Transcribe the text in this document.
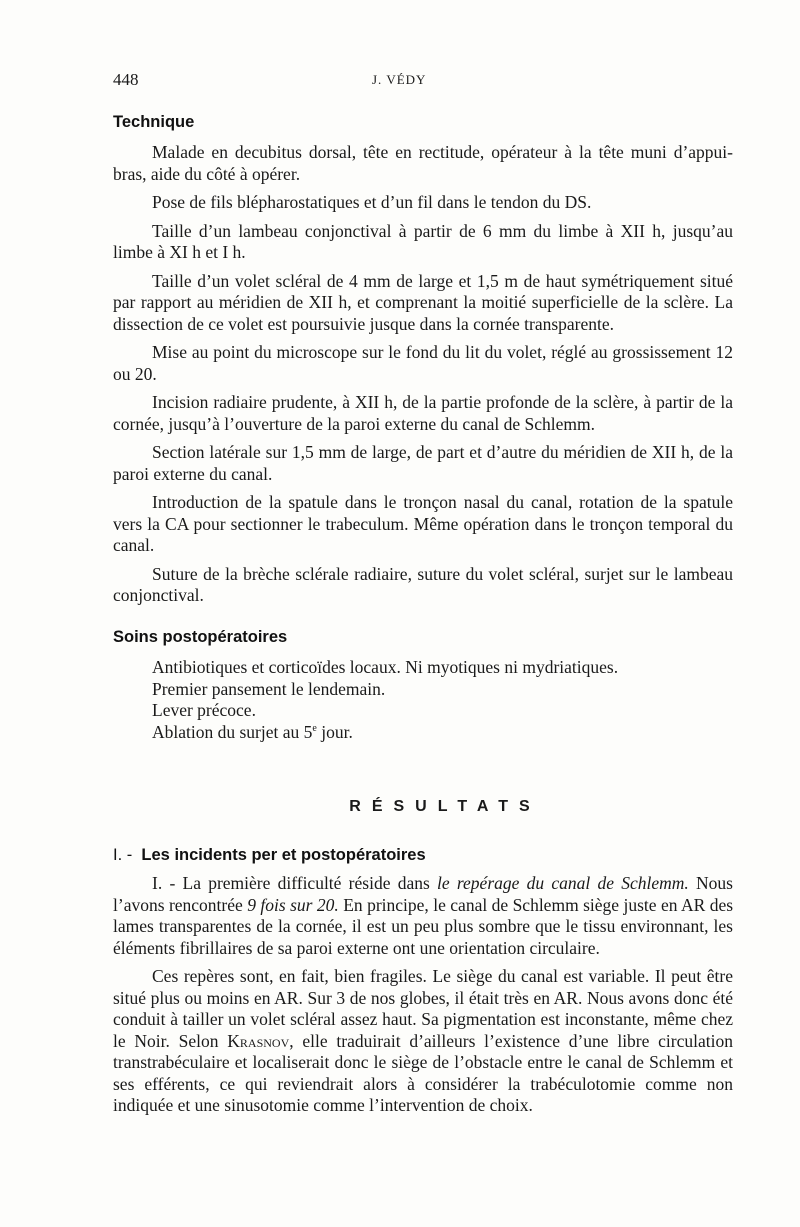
448	J. VÉDY
Technique

Malade en decubitus dorsal, tête en rectitude, opérateur à la tête muni d’appui-bras, aide du côté à opérer.

Pose de fils blépharostatiques et d’un fil dans le tendon du DS.

Taille d’un lambeau conjonctival à partir de 6 mm du limbe à XII h, jusqu’au limbe à XI h et I h.

Taille d’un volet scléral de 4 mm de large et 1,5 m de haut symétriquement situé par rapport au méridien de XII h, et comprenant la moitié superficielle de la sclère. La dissection de ce volet est poursuivie jusque dans la cornée transparente.

Mise au point du microscope sur le fond du lit du volet, réglé au grossissement 12 ou 20.

Incision radiaire prudente, à XII h, de la partie profonde de la sclère, à partir de la cornée, jusqu’à l’ouverture de la paroi externe du canal de Schlemm.

Section latérale sur 1,5 mm de large, de part et d’autre du méridien de XII h, de la paroi externe du canal.

Introduction de la spatule dans le tronçon nasal du canal, rotation de la spatule vers la CA pour sectionner le trabeculum. Même opération dans le tronçon temporal du canal.

Suture de la brèche sclérale radiaire, suture du volet scléral, surjet sur le lambeau conjonctival.

Soins postopératoires
Antibiotiques et corticoïdes locaux. Ni myotiques ni mydriatiques.
Premier pansement le lendemain.
Lever précoce.
Ablation du surjet au 5e jour.
RÉSULTATS
I. - Les incidents per et postopératoires

I. - La première difficulté réside dans le repérage du canal de Schlemm. Nous l’avons rencontrée 9 fois sur 20. En principe, le canal de Schlemm siège juste en AR des lames transparentes de la cornée, il est un peu plus sombre que le tissu environnant, les éléments fibrillaires de sa paroi externe ont une orientation circulaire.

Ces repères sont, en fait, bien fragiles. Le siège du canal est variable. Il peut être situé plus ou moins en AR. Sur 3 de nos globes, il était très en AR. Nous avons donc été conduit à tailler un volet scléral assez haut. Sa pigmentation est inconstante, même chez le Noir. Selon Krasnov, elle traduirait d’ailleurs l’existence d’une libre circulation transtrabéculaire et localiserait donc le siège de l’obstacle entre le canal de Schlemm et ses efférents, ce qui reviendrait alors à considérer la trabéculotomie comme non indiquée et une sinusotomie comme l’intervention de choix.
